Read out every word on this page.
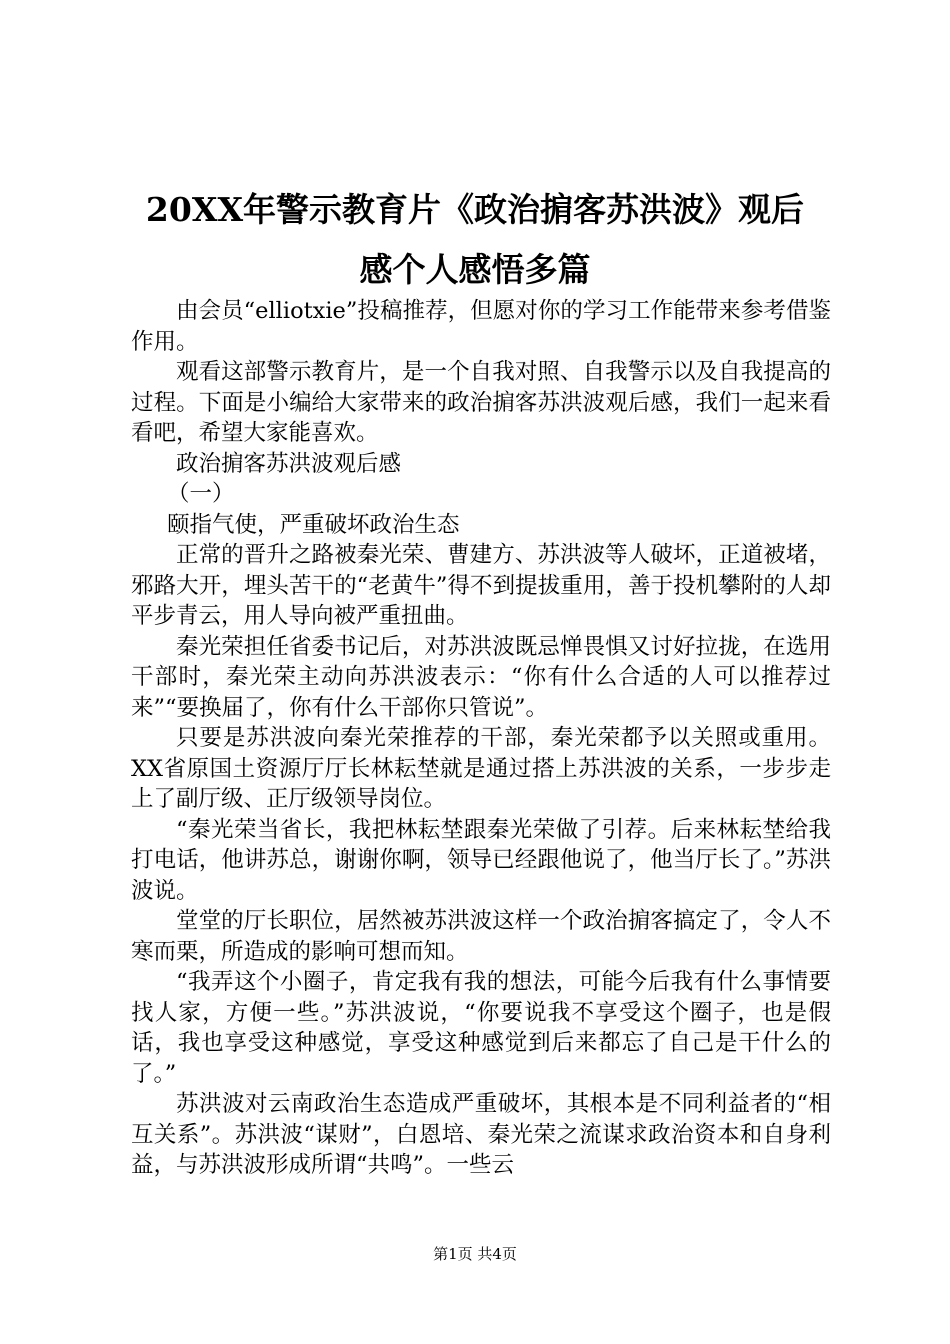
20XX年警示教育片《政治掮客苏洪波》观后
感个人感悟多篇

由会员“elliotxie”投稿推荐，但愿对你的学习工作能带来参考借鉴作用。

观看这部警示教育片，是一个自我对照、自我警示以及自我提高的过程。下面是小编给大家带来的政治掮客苏洪波观后感，我们一起来看看吧，希望大家能喜欢。

政治掮客苏洪波观后感

（一）

颐指气使，严重破坏政治生态

正常的晋升之路被秦光荣、曹建方、苏洪波等人破坏，正道被堵，邪路大开，埋头苦干的“老黄牛”得不到提拔重用，善于投机攀附的人却平步青云，用人导向被严重扭曲。

秦光荣担任省委书记后，对苏洪波既忌惮畏惧又讨好拉拢，在选用干部时，秦光荣主动向苏洪波表示：“你有什么合适的人可以推荐过来”“要换届了，你有什么干部你只管说”。

只要是苏洪波向秦光荣推荐的干部，秦光荣都予以关照或重用。XX省原国土资源厅厅长林耘埜就是通过搭上苏洪波的关系，一步步走上了副厅级、正厅级领导岗位。

“秦光荣当省长，我把林耘埜跟秦光荣做了引荐。后来林耘埜给我打电话，他讲苏总，谢谢你啊，领导已经跟他说了，他当厅长了。”苏洪波说。

堂堂的厅长职位，居然被苏洪波这样一个政治掮客搞定了，令人不寒而栗，所造成的影响可想而知。

“我弄这个小圈子，肯定我有我的想法，可能今后我有什么事情要找人家，方便一些。”苏洪波说，“你要说我不享受这个圈子，也是假话，我也享受这种感觉，享受这种感觉到后来都忘了自己是干什么的了。”

苏洪波对云南政治生态造成严重破坏，其根本是不同利益者的“相互关系”。苏洪波“谋财”，白恩培、秦光荣之流谋求政治资本和自身利益，与苏洪波形成所谓“共鸣”。一些云

第1页 共4页
